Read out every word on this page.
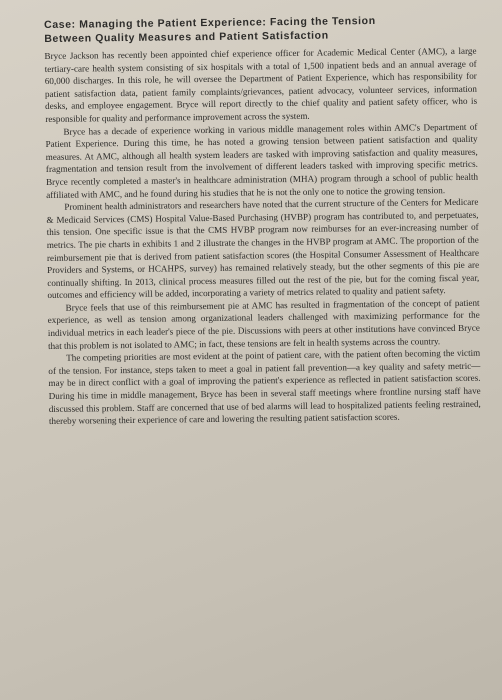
Case: Managing the Patient Experience: Facing the Tension
Between Quality Measures and Patient Satisfaction

Bryce Jackson has recently been appointed chief experience officer for Academic Medical Center (AMC), a large tertiary-care health system consisting of six hospitals with a total of 1,500 inpatient beds and an annual average of 60,000 discharges. In this role, he will oversee the Department of Patient Experience, which has responsibility for patient satisfaction data, patient family complaints/grievances, patient advocacy, volunteer services, information desks, and employee engagement. Bryce will report directly to the chief quality and patient safety officer, who is responsible for quality and performance improvement across the system.

Bryce has a decade of experience working in various middle management roles within AMC's Department of Patient Experience. During this time, he has noted a growing tension between patient satisfaction and quality measures. At AMC, although all health system leaders are tasked with improving satisfaction and quality measures, fragmentation and tension result from the involvement of different leaders tasked with improving specific metrics. Bryce recently completed a master's in healthcare administration (MHA) program through a school of public health affiliated with AMC, and he found during his studies that he is not the only one to notice the growing tension.

Prominent health administrators and researchers have noted that the current structure of the Centers for Medicare & Medicaid Services (CMS) Hospital Value-Based Purchasing (HVBP) program has contributed to, and perpetuates, this tension. One specific issue is that the CMS HVBP program now reimburses for an ever-increasing number of metrics. The pie charts in exhibits 1 and 2 illustrate the changes in the HVBP program at AMC. The proportion of the reimbursement pie that is derived from patient satisfaction scores (the Hospital Consumer Assessment of Healthcare Providers and Systems, or HCAHPS, survey) has remained relatively steady, but the other segments of this pie are continually shifting. In 2013, clinical process measures filled out the rest of the pie, but for the coming fiscal year, outcomes and efficiency will be added, incorporating a variety of metrics related to quality and patient safety.

Bryce feels that use of this reimbursement pie at AMC has resulted in fragmentation of the concept of patient experience, as well as tension among organizational leaders challenged with maximizing performance for the individual metrics in each leader's piece of the pie. Discussions with peers at other institutions have convinced Bryce that this problem is not isolated to AMC; in fact, these tensions are felt in health systems across the country.

The competing priorities are most evident at the point of patient care, with the patient often becoming the victim of the tension. For instance, steps taken to meet a goal in patient fall prevention—a key quality and safety metric—may be in direct conflict with a goal of improving the patient's experience as reflected in patient satisfaction scores. During his time in middle management, Bryce has been in several staff meetings where frontline nursing staff have discussed this problem. Staff are concerned that use of bed alarms will lead to hospitalized patients feeling restrained, thereby worsening their experience of care and lowering the resulting patient satisfaction scores.
